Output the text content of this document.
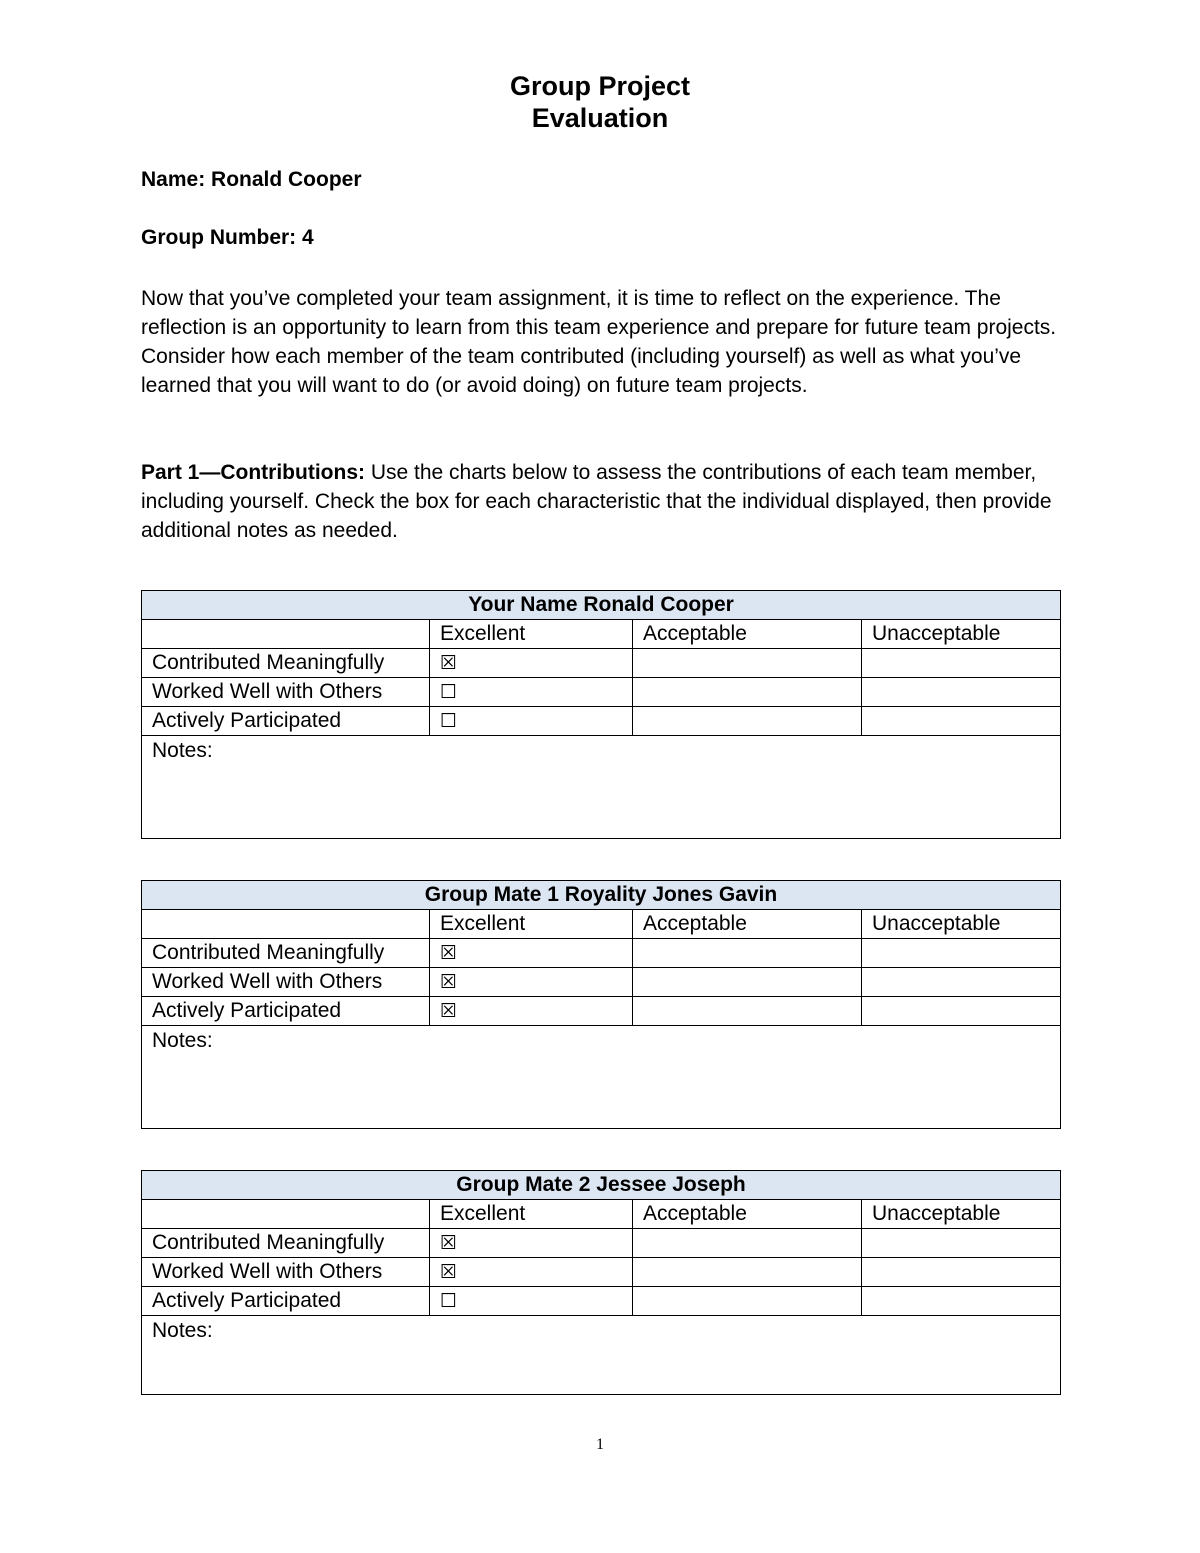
Group Project
Evaluation
Name: Ronald Cooper
Group Number: 4
Now that you’ve completed your team assignment, it is time to reflect on the experience. The reflection is an opportunity to learn from this team experience and prepare for future team projects. Consider how each member of the team contributed (including yourself) as well as what you’ve learned that you will want to do (or avoid doing) on future team projects.
Part 1—Contributions: Use the charts below to assess the contributions of each team member, including yourself. Check the box for each characteristic that the individual displayed, then provide additional notes as needed.
Your Name Ronald Cooper			
	Excellent	Acceptable	Unacceptable
Contributed Meaningfully	☒		
Worked Well with Others	☐		
Actively Participated	☐		
Notes:			
Group Mate 1 Royality Jones Gavin			
	Excellent	Acceptable	Unacceptable
Contributed Meaningfully	☒		
Worked Well with Others	☒		
Actively Participated	☒		
Notes:			
Group Mate 2 Jessee Joseph			
	Excellent	Acceptable	Unacceptable
Contributed Meaningfully	☒		
Worked Well with Others	☒		
Actively Participated	☐		
Notes:			
1
